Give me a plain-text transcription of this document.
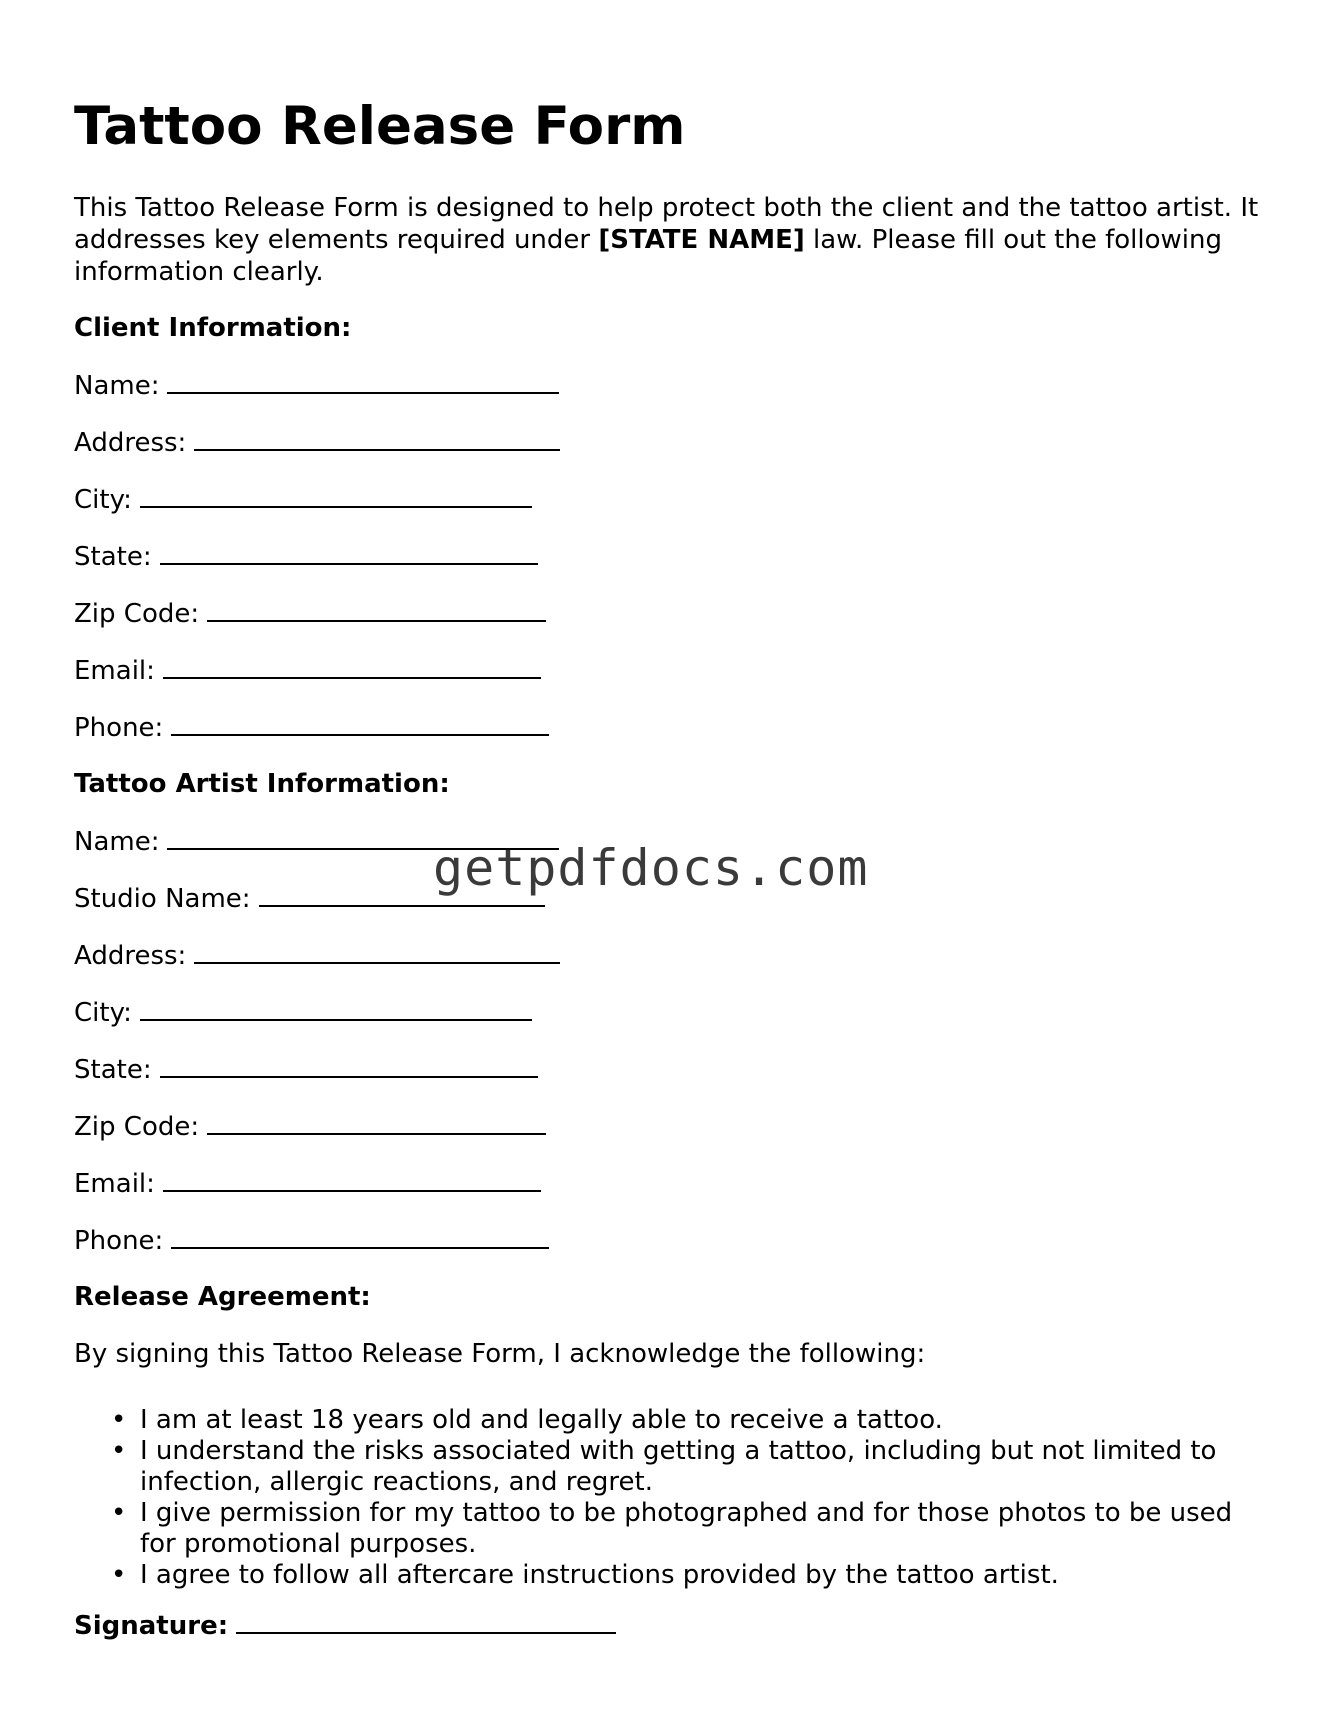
Tattoo Release Form

This Tattoo Release Form is designed to help protect both the client and the tattoo artist. It addresses key elements required under [STATE NAME] law. Please fill out the following information clearly.

Client Information:
Name:
Address:
City:
State:
Zip Code:
Email:
Phone:
Tattoo Artist Information:
Name:
Studio Name:
Address:
City:
State:
Zip Code:
Email:
Phone:
Release Agreement:
By signing this Tattoo Release Form, I acknowledge the following:
• I am at least 18 years old and legally able to receive a tattoo.
• I understand the risks associated with getting a tattoo, including but not limited to infection, allergic reactions, and regret.
• I give permission for my tattoo to be photographed and for those photos to be used for promotional purposes.
• I agree to follow all aftercare instructions provided by the tattoo artist.
Signature:
getpdfdocs.com
